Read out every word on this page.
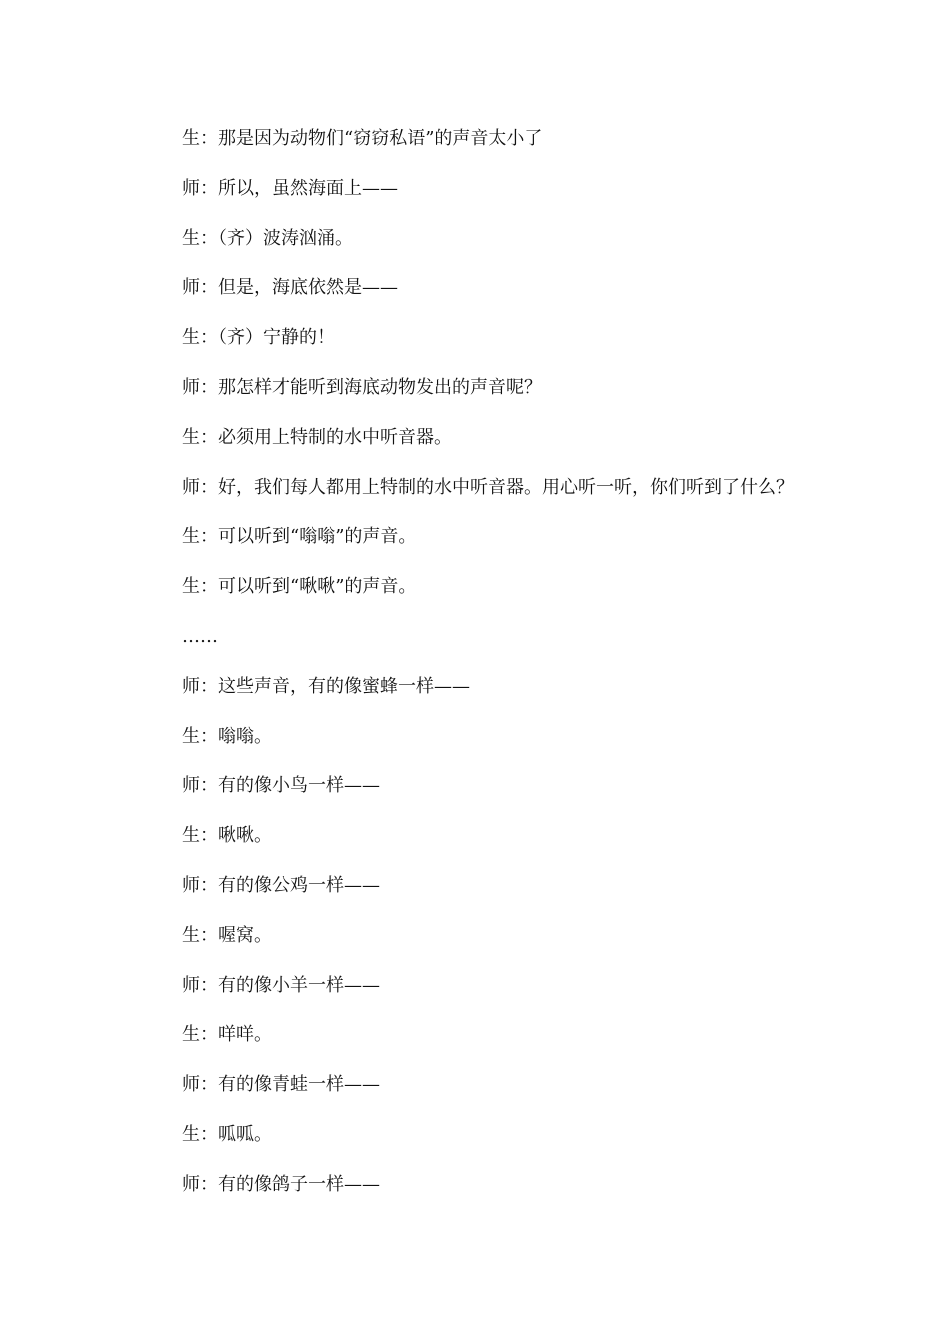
生：那是因为动物们“窃窃私语”的声音太小了
师：所以，虽然海面上——
生：（齐）波涛汹涌。
师：但是，海底依然是——
生：（齐）宁静的！
师：那怎样才能听到海底动物发出的声音呢？
生：必须用上特制的水中听音器。
师：好，我们每人都用上特制的水中听音器。用心听一听，你们听到了什么？
生：可以听到“嗡嗡”的声音。
生：可以听到“啾啾”的声音。
……
师：这些声音，有的像蜜蜂一样——
生：嗡嗡。
师：有的像小鸟一样——
生：啾啾。
师：有的像公鸡一样——
生：喔窝。
师：有的像小羊一样——
生：咩咩。
师：有的像青蛙一样——
生：呱呱。
师：有的像鸽子一样——
